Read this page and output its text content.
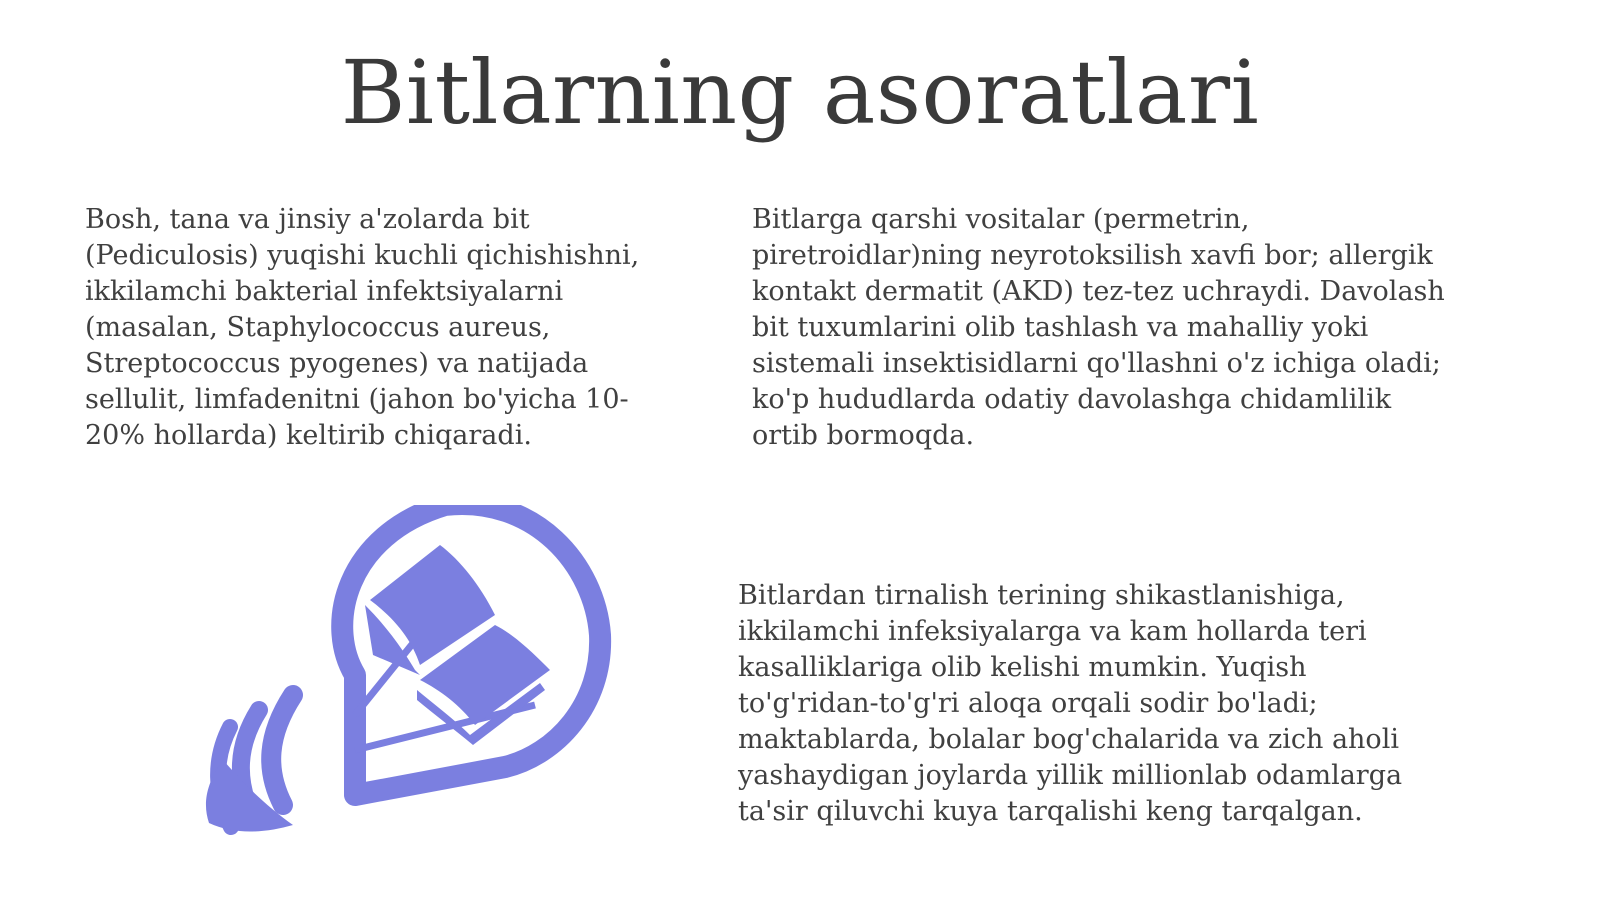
Bitlarning asoratlari
Bosh, tana va jinsiy a'zolarda bit
(Pediculosis) yuqishi kuchli qichishishni,
ikkilamchi bakterial infektsiyalarni
(masalan, Staphylococcus aureus,
Streptococcus pyogenes) va natijada
sellulit, limfadenitni (jahon bo'yicha 10-
20% hollarda) keltirib chiqaradi.
Bitlarga qarshi vositalar (permetrin,
piretroidlar)ning neyrotoksilish xavfi bor; allergik
kontakt dermatit (AKD) tez-tez uchraydi. Davolash
bit tuxumlarini olib tashlash va mahalliy yoki
sistemali insektisidlarni qo'llashni o'z ichiga oladi;
ko'p hududlarda odatiy davolashga chidamlilik
ortib bormoqda.
Bitlardan tirnalish terining shikastlanishiga,
ikkilamchi infeksiyalarga va kam hollarda teri
kasalliklariga olib kelishi mumkin. Yuqish
to'g'ridan-to'g'ri aloqa orqali sodir bo'ladi;
maktablarda, bolalar bog'chalarida va zich aholi
yashaydigan joylarda yillik millionlab odamlarga
ta'sir qiluvchi kuya tarqalishi keng tarqalgan.
